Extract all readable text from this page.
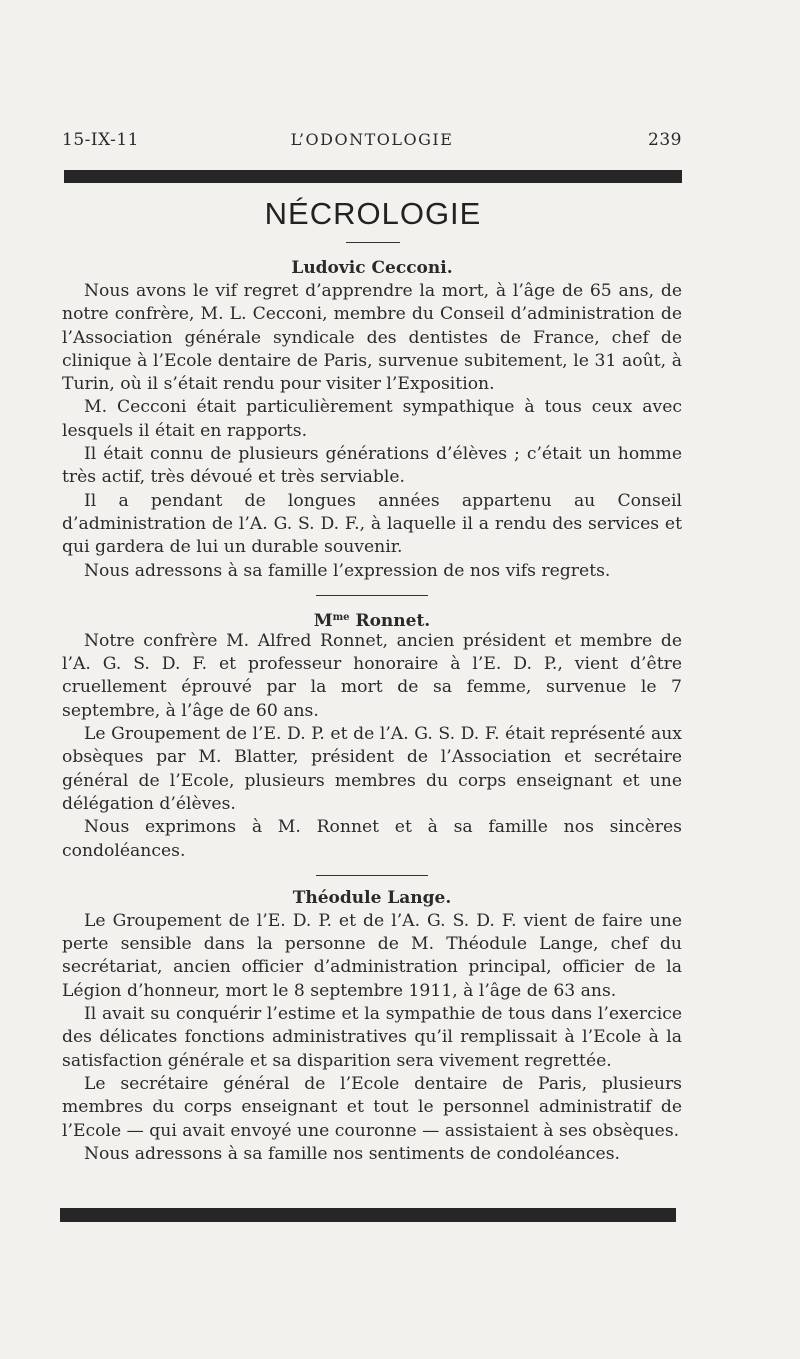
15-IX-11	L’ODONTOLOGIE	239
NÉCROLOGIE
Ludovic Cecconi.

Nous avons le vif regret d’apprendre la mort, à l’âge de 65 ans, de notre confrère, M. L. Cecconi, membre du Conseil d’administration de l’Association générale syndicale des dentistes de France, chef de clinique à l’Ecole dentaire de Paris, survenue subitement, le 31 août, à Turin, où il s’était rendu pour visiter l’Exposition.

M. Cecconi était particulièrement sympathique à tous ceux avec lesquels il était en rapports.

Il était connu de plusieurs générations d’élèves ; c’était un homme très actif, très dévoué et très serviable.

Il a pendant de longues années appartenu au Conseil d’administration de l’A. G. S. D. F., à laquelle il a rendu des services et qui gardera de lui un durable souvenir.

Nous adressons à sa famille l’expression de nos vifs regrets.

$M^{me}$ Ronnet.

Notre confrère M. Alfred Ronnet, ancien président et membre de l’A. G. S. D. F. et professeur honoraire à l’E. D. P., vient d’être cruellement éprouvé par la mort de sa femme, survenue le 7 septembre, à l’âge de 60 ans.

Le Groupement de l’E. D. P. et de l’A. G. S. D. F. était représenté aux obsèques par M. Blatter, président de l’Association et secrétaire général de l’Ecole, plusieurs membres du corps enseignant et une délégation d’élèves.

Nous exprimons à M. Ronnet et à sa famille nos sincères condoléances.

Théodule Lange.

Le Groupement de l’E. D. P. et de l’A. G. S. D. F. vient de faire une perte sensible dans la personne de M. Théodule Lange, chef du secrétariat, ancien officier d’administration principal, officier de la Légion d’honneur, mort le 8 septembre 1911, à l’âge de 63 ans.

Il avait su conquérir l’estime et la sympathie de tous dans l’exercice des délicates fonctions administratives qu’il remplissait à l’Ecole à la satisfaction générale et sa disparition sera vivement regrettée.

Le secrétaire général de l’Ecole dentaire de Paris, plusieurs membres du corps enseignant et tout le personnel administratif de l’Ecole — qui avait envoyé une couronne — assistaient à ses obsèques.

Nous adressons à sa famille nos sentiments de condoléances.
